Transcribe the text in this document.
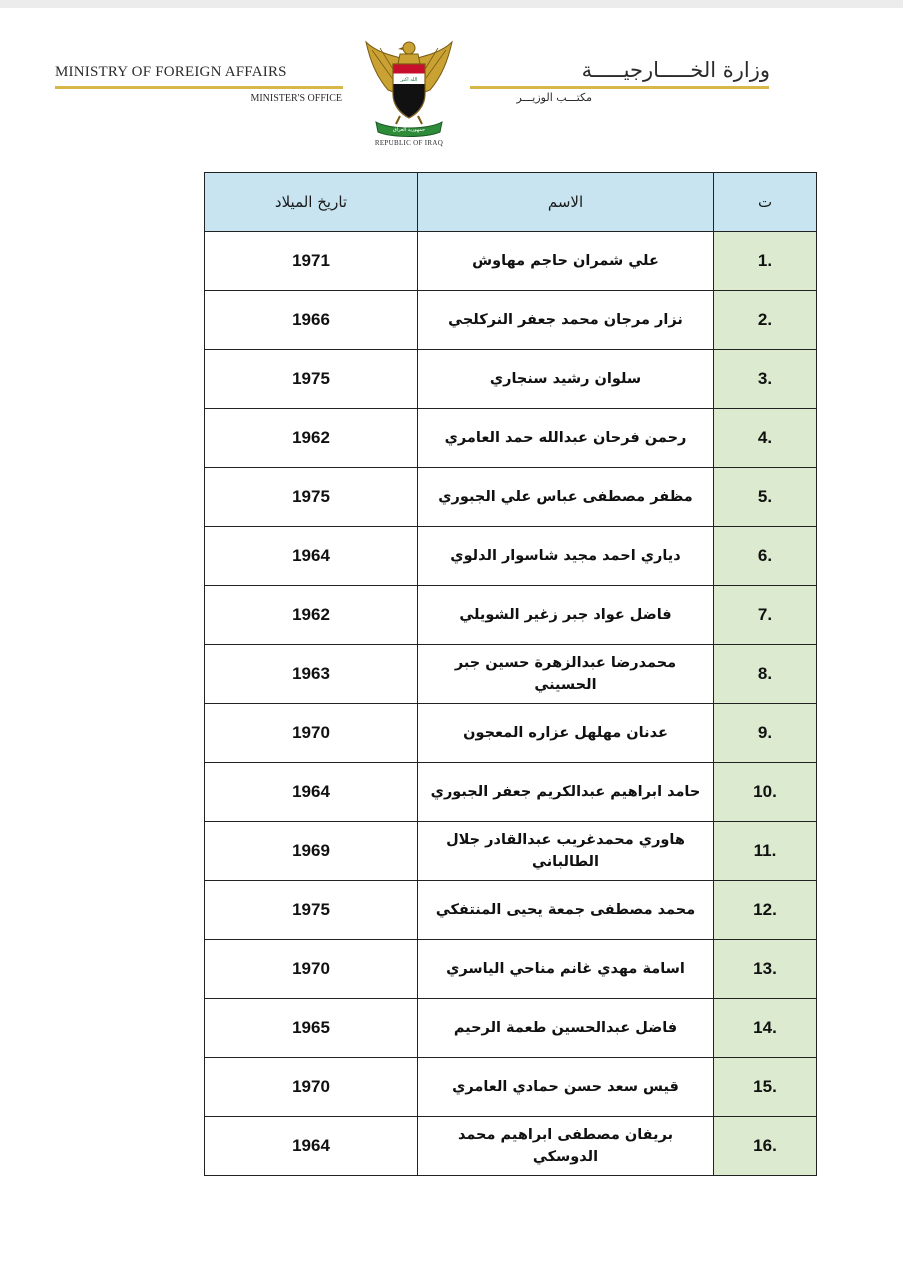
MINISTRY OF FOREIGN AFFAIRS
MINISTER'S OFFICE
الله اكبر
جمهورية العراق
REPUBLIC OF IRAQ
وزارة الخـــــارجيـــــة
مكتـــب الوزيـــر
تاريخ الميلاد	الاسم	ت
1971	علي شمران حاجم مهاوش	1.
1966	نزار مرجان محمد جعفر النركلجي	2.
1975	سلوان رشيد سنجاري	3.
1962	رحمن فرحان عبدالله حمد العامري	4.
1975	مظفر مصطفى عباس علي الجبوري	5.
1964	دياري احمد مجيد شاسوار الدلوي	6.
1962	فاضل عواد جبر زغير الشويلي	7.
1963	محمدرضا عبدالزهرة حسين جبر الحسيني	8.
1970	عدنان مهلهل عزاره المعجون	9.
1964	حامد ابراهيم عبدالكريم جعفر الجبوري	10.
1969	هاوري محمدغريب عبدالقادر جلال الطالباني	11.
1975	محمد مصطفى جمعة يحيى المنتفكي	12.
1970	اسامة مهدي غانم مناحي الياسري	13.
1965	فاضل عبدالحسين طعمة الرحيم	14.
1970	قيس سعد حسن حمادي العامري	15.
1964	بريفان مصطفى ابراهيم محمد الدوسكي	16.
